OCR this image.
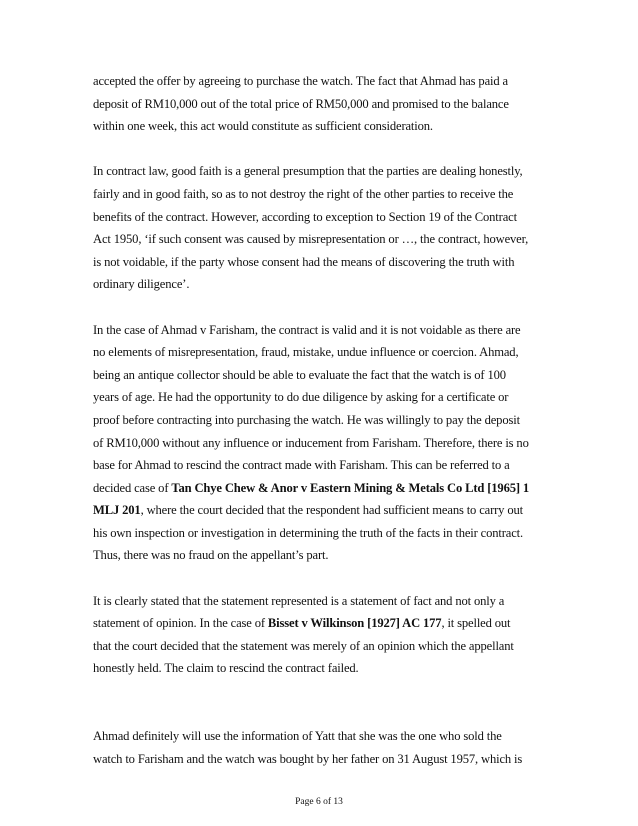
accepted the offer by agreeing to purchase the watch. The fact that Ahmad has paid a
deposit of RM10,000 out of the total price of RM50,000 and promised to the balance
within one week, this act would constitute as sufficient consideration.

In contract law, good faith is a general presumption that the parties are dealing honestly,
fairly and in good faith, so as to not destroy the right of the other parties to receive the
benefits of the contract. However, according to exception to Section 19 of the Contract
Act 1950, ‘if such consent was caused by misrepresentation or …, the contract, however,
is not voidable, if the party whose consent had the means of discovering the truth with
ordinary diligence’.

In the case of Ahmad v Farisham, the contract is valid and it is not voidable as there are
no elements of misrepresentation, fraud, mistake, undue influence or coercion. Ahmad,
being an antique collector should be able to evaluate the fact that the watch is of 100
years of age. He had the opportunity to do due diligence by asking for a certificate or
proof before contracting into purchasing the watch. He was willingly to pay the deposit
of RM10,000 without any influence or inducement from Farisham. Therefore, there is no
base for Ahmad to rescind the contract made with Farisham. This can be referred to a
decided case of Tan Chye Chew & Anor v Eastern Mining & Metals Co Ltd [1965] 1
MLJ 201, where the court decided that the respondent had sufficient means to carry out
his own inspection or investigation in determining the truth of the facts in their contract.
Thus, there was no fraud on the appellant’s part.

It is clearly stated that the statement represented is a statement of fact and not only a
statement of opinion. In the case of Bisset v Wilkinson [1927] AC 177, it spelled out
that the court decided that the statement was merely of an opinion which the appellant
honestly held. The claim to rescind the contract failed.

Ahmad definitely will use the information of Yatt that she was the one who sold the
watch to Farisham and the watch was bought by her father on 31 August 1957, which is

Page 6 of 13
